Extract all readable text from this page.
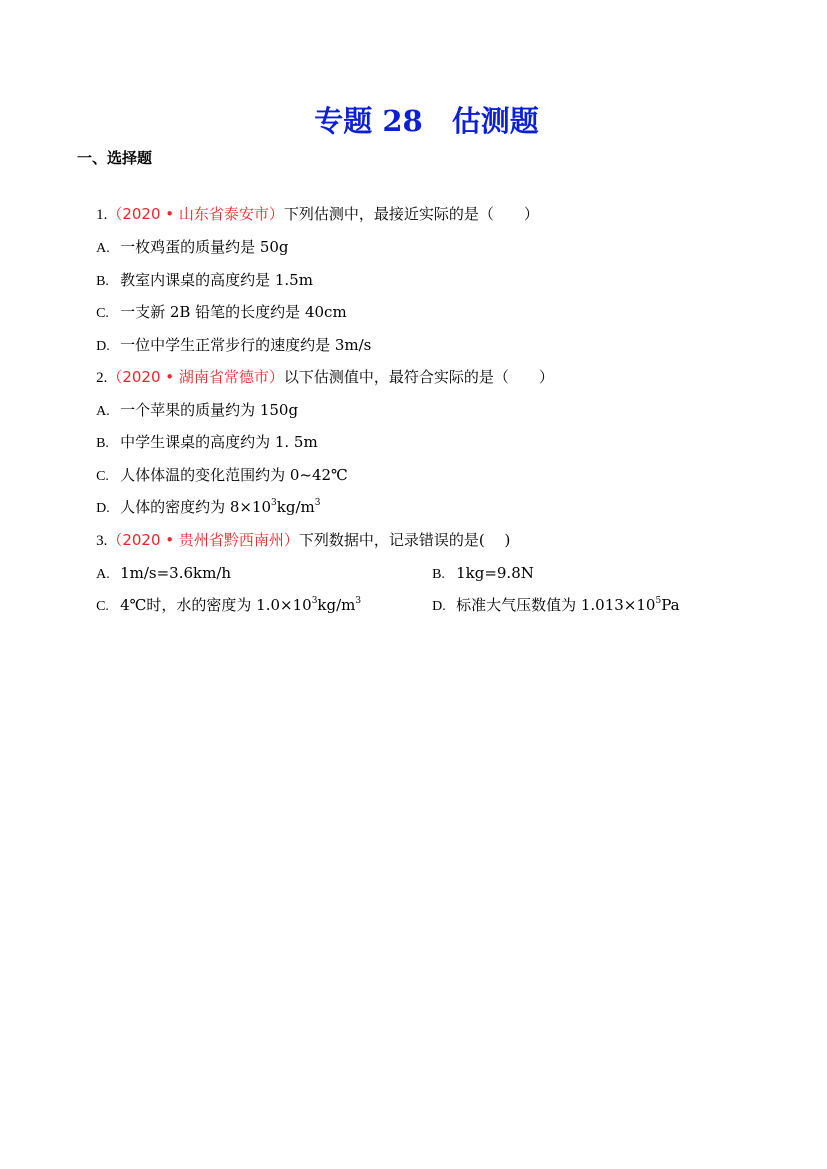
专题 28　估测题
一、选择题

1.（2020 • 山东省泰安市）下列估测中，最接近实际的是（　　）

A. 一枚鸡蛋的质量约是 50g

B. 教室内课桌的高度约是 1.5m

C. 一支新 2B 铅笔的长度约是 40cm

D. 一位中学生正常步行的速度约是 3m/s

2.（2020 • 湖南省常德市）以下估测值中，最符合实际的是（　　）

A. 一个苹果的质量约为 150g

B. 中学生课桌的高度约为 1. 5m

C. 人体体温的变化范围约为 0~42℃

D. 人体的密度约为 $8\times 10^3kg/m^3$

3.（2020 • 贵州省黔西南州）下列数据中，记录错误的是(　 )

A. 1m/s=3.6km/h
	B. 1kg=9.8N

C. 4℃时，水的密度为 $1.0\times 10^3kg/m^3$
	D. 标准大气压数值为 $1.013\times 10^5Pa$
